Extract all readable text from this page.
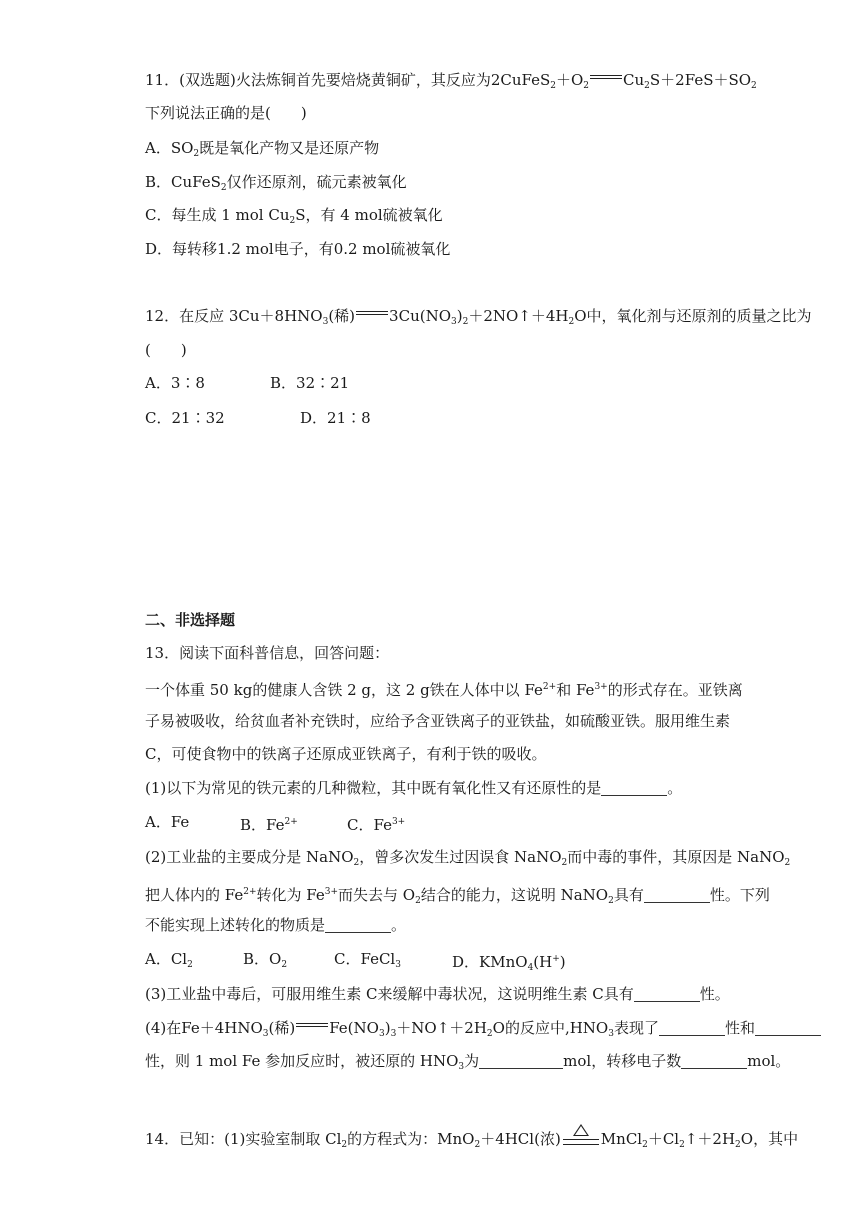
11．(双选题)火法炼铜首先要焙烧黄铜矿，其反应为$2CuFeS_2+O_2$ $Cu_2S+2FeS+SO_2$
下列说法正确的是(　　)
A．$SO_2$既是氧化产物又是还原产物
B．CuFeS$_2$仅作还原剂，硫元素被氧化
C．每生成 1 mol $Cu_2S$，有 4 mol硫被氧化
D．每转移1.2 mol电子，有0.2 mol硫被氧化
12．在反应 $3Cu+8HNO_3$(稀) $3Cu(NO_3)_2+2NO↑+4H_2O$中，氧化剂与还原剂的质量之比为
(　　)
A．3∶8	B．32∶21
C．21∶32	D．21∶8
二、非选择题
13．阅读下面科普信息，回答问题：
一个体重 50 kg的健康人含铁 2 g，这 2 g铁在人体中以 $Fe^{2+}$和 $Fe^{3+}$的形式存在。亚铁离
子易被吸收，给贫血者补充铁时，应给予含亚铁离子的亚铁盐，如硫酸亚铁。服用维生素
C，可使食物中的铁离子还原成亚铁离子，有利于铁的吸收。
(1)以下为常见的铁元素的几种微粒，其中既有氧化性又有还原性的是	。
A．Fe	B．$Fe^{2+}$	C．$Fe^{3+}$
(2)工业盐的主要成分是 NaNO$_2$，曾多次发生过因误食 NaNO$_2$而中毒的事件，其原因是 NaNO$_2$
把人体内的 $Fe^{2+}$转化为 $Fe^{3+}$而失去与 $O_2$结合的能力，这说明 NaNO$_2$具有	性。下列
不能实现上述转化的物质是	。
A．$Cl_2$	B．$O_2$	C．FeCl$_3$	D．KMnO$_4$(H+)
(3)工业盐中毒后，可服用维生素 C来缓解中毒状况，这说明维生素 C具有	性。
(4)在$Fe+4HNO_3$(稀) $Fe(NO_3)_3+NO↑+2H_2O$的反应中$,HNO_3$表现了	性和
性，则 1 mol Fe 参加反应时，被还原的 $HNO_3$为	mol，转移电子数	mol。
14．已知：(1)实验室制取 $Cl_2$的方程式为：MnO$_2$＋4HCl(浓)	$MnCl_2+Cl_2↑+2H_2O$，其中
